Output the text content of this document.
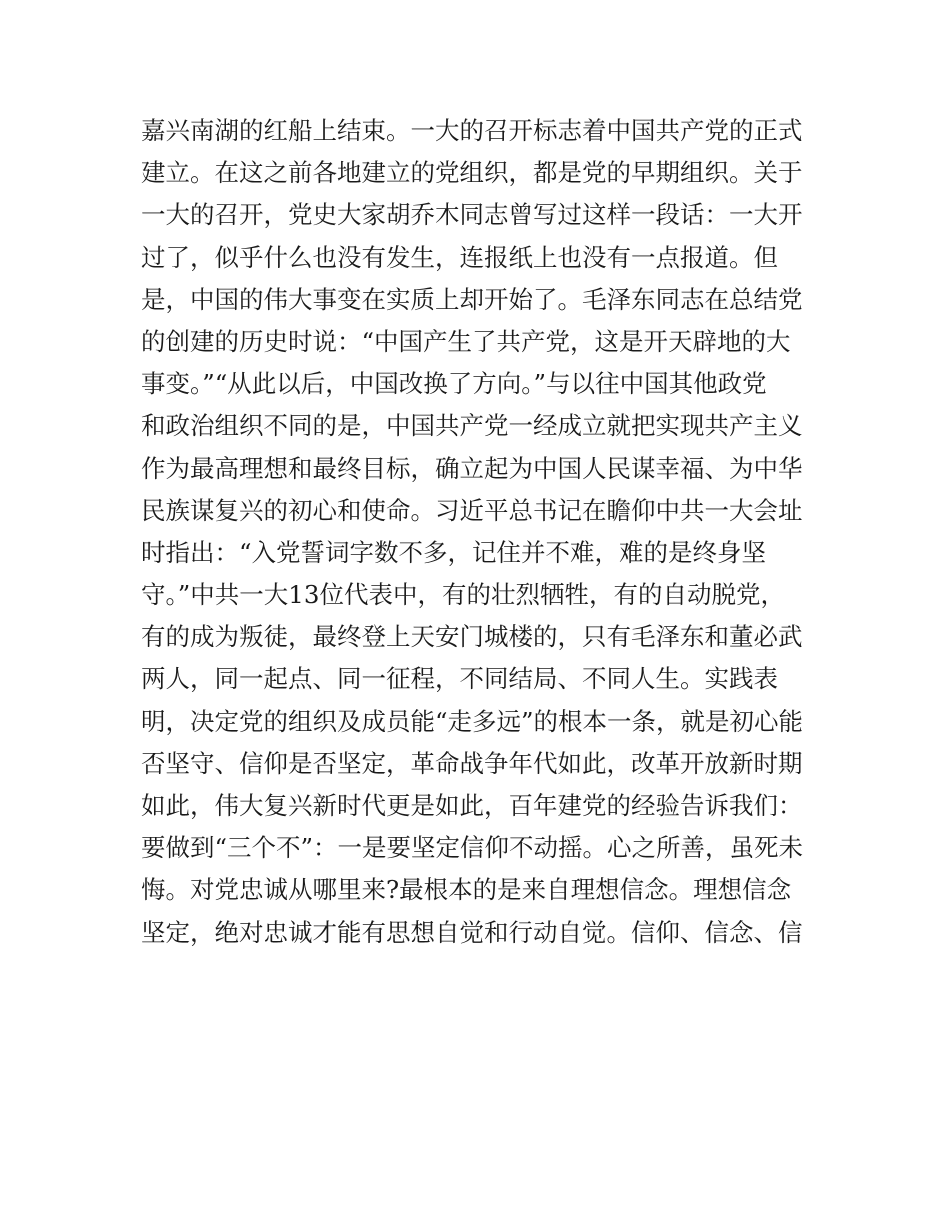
嘉兴南湖的红船上结束。一大的召开标志着中国共产党的正式
建立。在这之前各地建立的党组织，都是党的早期组织。关于
一大的召开，党史大家胡乔木同志曾写过这样一段话：一大开
过了，似乎什么也没有发生，连报纸上也没有一点报道。但
是，中国的伟大事变在实质上却开始了。毛泽东同志在总结党
的创建的历史时说：“中国产生了共产党，这是开天辟地的大
事变。”“从此以后，中国改换了方向。”与以往中国其他政党
和政治组织不同的是，中国共产党一经成立就把实现共产主义
作为最高理想和最终目标，确立起为中国人民谋幸福、为中华
民族谋复兴的初心和使命。习近平总书记在瞻仰中共一大会址
时指出：“入党誓词字数不多，记住并不难，难的是终身坚
守。”中共一大13位代表中，有的壮烈牺牲，有的自动脱党，
有的成为叛徒，最终登上天安门城楼的，只有毛泽东和董必武
两人，同一起点、同一征程，不同结局、不同人生。实践表
明，决定党的组织及成员能“走多远”的根本一条，就是初心能
否坚守、信仰是否坚定，革命战争年代如此，改革开放新时期
如此，伟大复兴新时代更是如此，百年建党的经验告诉我们：
要做到“三个不”：一是要坚定信仰不动摇。心之所善，虽死未
悔。对党忠诚从哪里来?最根本的是来自理想信念。理想信念
坚定，绝对忠诚才能有思想自觉和行动自觉。信仰、信念、信
